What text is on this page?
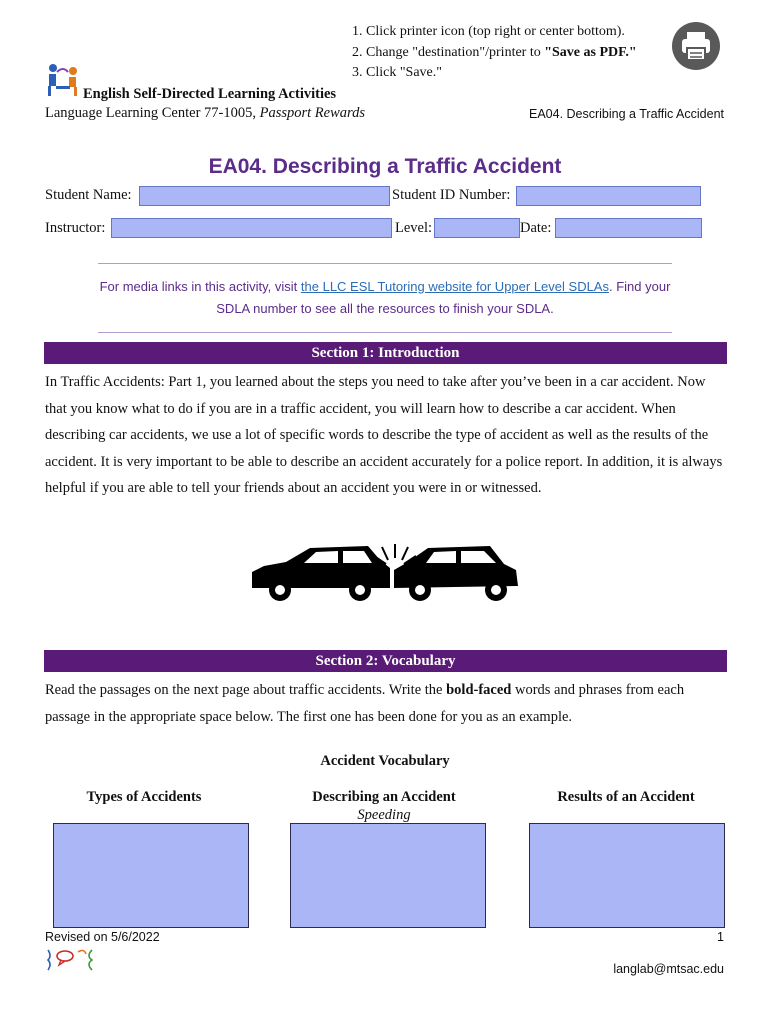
1. Click printer icon (top right or center bottom).
2. Change "destination"/printer to "Save as PDF."
3. Click "Save."
English Self-Directed Learning Activities
Language Learning Center 77-1005, Passport Rewards	EA04. Describing a Traffic Accident
EA04. Describing a Traffic Accident
Student Name:	Student ID Number:
Instructor:	Level:	Date:
For media links in this activity, visit the LLC ESL Tutoring website for Upper Level SDLAs. Find your SDLA number to see all the resources to finish your SDLA.
Section 1: Introduction
In Traffic Accidents: Part 1, you learned about the steps you need to take after you’ve been in a car accident. Now that you know what to do if you are in a traffic accident, you will learn how to describe a car accident. When describing car accidents, we use a lot of specific words to describe the type of accident as well as the results of the accident. It is very important to be able to describe an accident accurately for a police report. In addition, it is always helpful if you are able to tell your friends about an accident you were in or witnessed.
Section 2: Vocabulary
Read the passages on the next page about traffic accidents. Write the bold-faced words and phrases from each passage in the appropriate space below. The first one has been done for you as an example.
Accident Vocabulary
Types of Accidents	Describing an Accident	Results of an Accident
Speeding
Revised on 5/6/2022	1
langlab@mtsac.edu
